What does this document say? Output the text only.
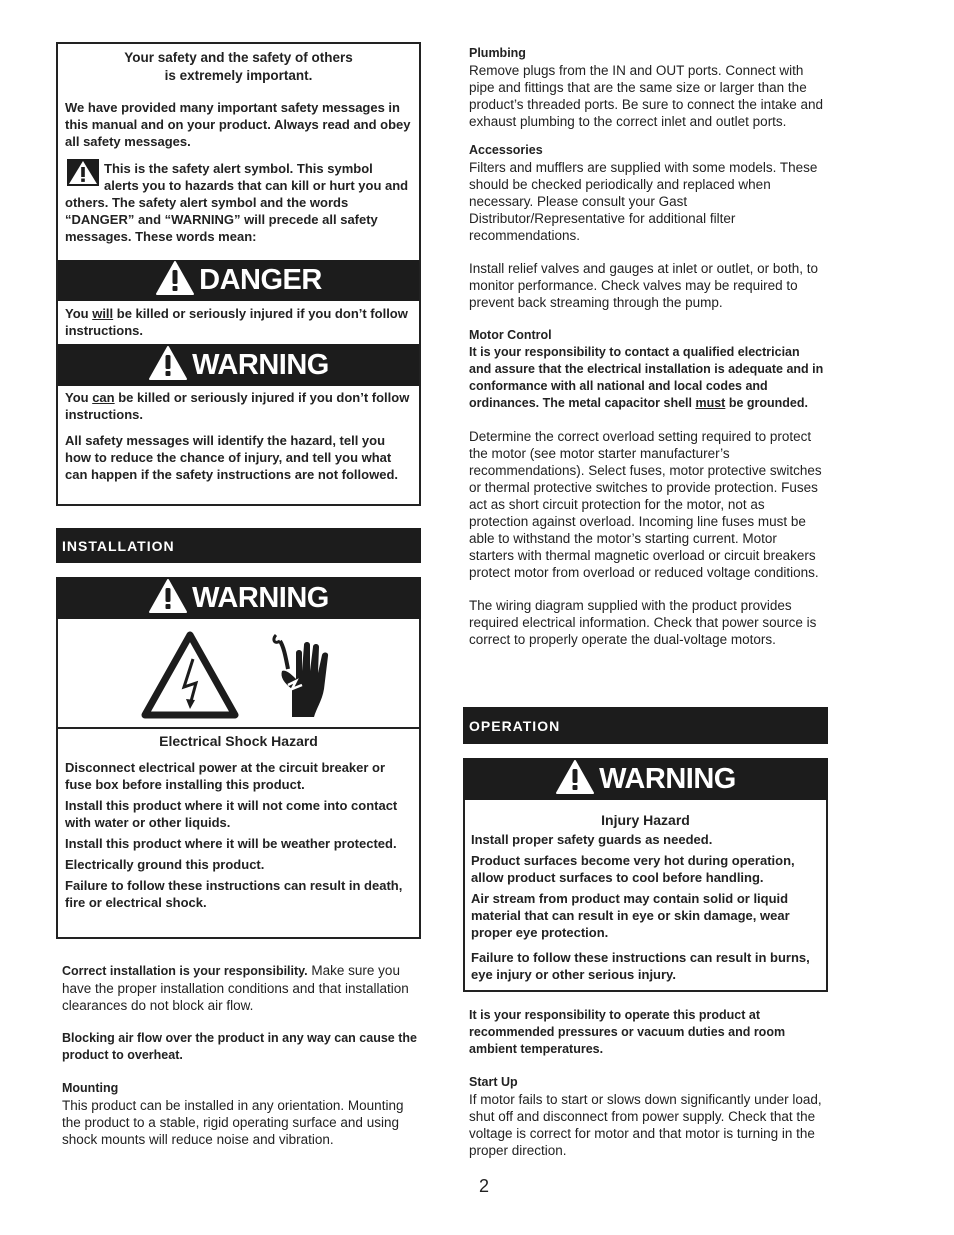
Your safety and the safety of others
is extremely important.

We have provided many important safety messages in this manual and on your product. Always read and obey all safety messages.

This is the safety alert symbol. This symbol alerts you to hazards that can kill or hurt you and others. The safety alert symbol and the words “DANGER” and “WARNING” will precede all safety messages. These words mean:

DANGER

You will be killed or seriously injured if you don’t follow instructions.

WARNING

You can be killed or seriously injured if you don’t follow instructions.

All safety messages will identify the hazard, tell you how to reduce the chance of injury, and tell you what can happen if the safety instructions are not followed.

INSTALLATION
WARNING
Electrical Shock Hazard

Disconnect electrical power at the circuit breaker or fuse box before installing this product.

Install this product where it will not come into contact with water or other liquids.

Install this product where it will be weather protected.

Electrically ground this product.

Failure to follow these instructions can result in death, fire or electrical shock.

Correct installation is your responsibility. Make sure you have the proper installation conditions and that installation clearances do not block air flow.

Blocking air flow over the product in any way can cause the product to overheat.

Mounting

This product can be installed in any orientation. Mounting the product to a stable, rigid operating surface and using shock mounts will reduce noise and vibration.

Plumbing

Remove plugs from the IN and OUT ports. Connect with pipe and fittings that are the same size or larger than the product’s threaded ports. Be sure to connect the intake and exhaust plumbing to the correct inlet and outlet ports.

Accessories

Filters and mufflers are supplied with some models. These should be checked periodically and replaced when necessary. Please consult your Gast Distributor/Representative for additional filter recommendations.

Install relief valves and gauges at inlet or outlet, or both, to monitor performance. Check valves may be required to prevent back streaming through the pump.

Motor Control

It is your responsibility to contact a qualified electrician and assure that the electrical installation is adequate and in conformance with all national and local codes and ordinances. The metal capacitor shell must be grounded.

Determine the correct overload setting required to protect the motor (see motor starter manufacturer’s recommendations). Select fuses, motor protective switches or thermal protective switches to provide protection. Fuses act as short circuit protection for the motor, not as protection against overload. Incoming line fuses must be able to withstand the motor’s starting current. Motor starters with thermal magnetic overload or circuit breakers protect motor from overload or reduced voltage conditions.

The wiring diagram supplied with the product provides required electrical information. Check that power source is correct to properly operate the dual-voltage motors.

OPERATION
WARNING
Injury Hazard

Install proper safety guards as needed.

Product surfaces become very hot during operation, allow product surfaces to cool before handling.

Air stream from product may contain solid or liquid material that can result in eye or skin damage, wear proper eye protection.

Failure to follow these instructions can result in burns, eye injury or other serious injury.

It is your responsibility to operate this product at recommended pressures or vacuum duties and room ambient temperatures.

Start Up

If motor fails to start or slows down significantly under load, shut off and disconnect from power supply. Check that the voltage is correct for motor and that motor is turning in the proper direction.

2
